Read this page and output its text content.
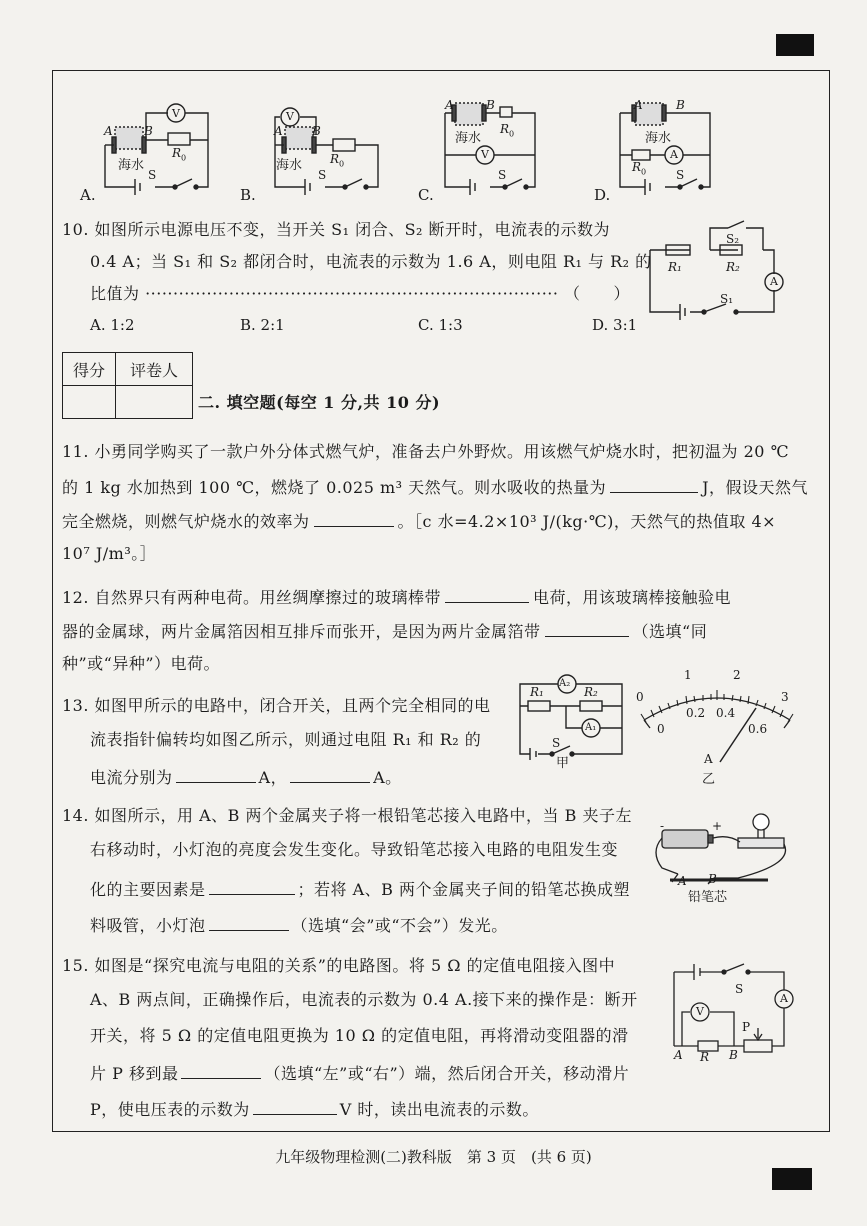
A	B
海水
$R_0$
V
S
A B
海水 $R_0$
V
S
A	B
海水
$R_0$
V
S
A	B
海水
$R_0$
A
S
A.	B.	C.	D.
10. 如图所示电源电压不变，当开关 S₁ 闭合、S₂ 断开时，电流表的示数为
0.4 A；当 S₁ 和 S₂ 都闭合时，电流表的示数为 1.6 A，则电阻 R₁ 与 R₂ 的
比值为 ·········································································· （　　）
A. 1:2	B. 2:1	C. 1:3	D. 3:1
R₁	R₂
S₂
S₁
A
得分	评卷人

二. 填空题(每空 1 分,共 10 分)
11. 小勇同学购买了一款户外分体式燃气炉，准备去户外野炊。用该燃气炉烧水时，把初温为 20 ℃
的 1 kg 水加热到 100 ℃，燃烧了 0.025 m³ 天然气。则水吸收的热量为	J，假设天然气
完全燃烧，则燃气炉烧水的效率为	。［c 水=4.2×10³ J/(kg·℃)，天然气的热值取 4×
10⁷ J/m³。］
12. 自然界只有两种电荷。用丝绸摩擦过的玻璃棒带	电荷，用该玻璃棒接触验电
器的金属球，两片金属箔因相互排斥而张开，是因为两片金属箔带	（选填“同
种”或“异种”）电荷。
13. 如图甲所示的电路中，闭合开关，且两个完全相同的电
流表指针偏转均如图乙所示，则通过电阻 R₁ 和 R₂ 的
电流分别为	A，	A。
A₂
A₁
R₁	R₂
S
甲
0
1	2
3
0
0.2 0.4
0.6
A
乙
14. 如图所示，用 A、B 两个金属夹子将一根铅笔芯接入电路中，当 B 夹子左
右移动时，小灯泡的亮度会发生变化。导致铅笔芯接入电路的电阻发生变
化的主要因素是	；若将 A、B 两个金属夹子间的铅笔芯换成塑
料吸管，小灯泡	（选填“会”或“不会”）发光。
-	+
A B
铅笔芯
15. 如图是“探究电流与电阻的关系”的电路图。将 5 Ω 的定值电阻接入图中
A、B 两点间，正确操作后，电流表的示数为 0.4 A.接下来的操作是：断开
开关，将 5 Ω 的定值电阻更换为 10 Ω 的定值电阻，再将滑动变阻器的滑
片 P 移到最	（选填“左”或“右”）端，然后闭合开关，移动滑片
P，使电压表的示数为	V 时，读出电流表的示数。
S
A
V
P
A R B
九年级物理检测(二)教科版　第 3 页　(共 6 页)
